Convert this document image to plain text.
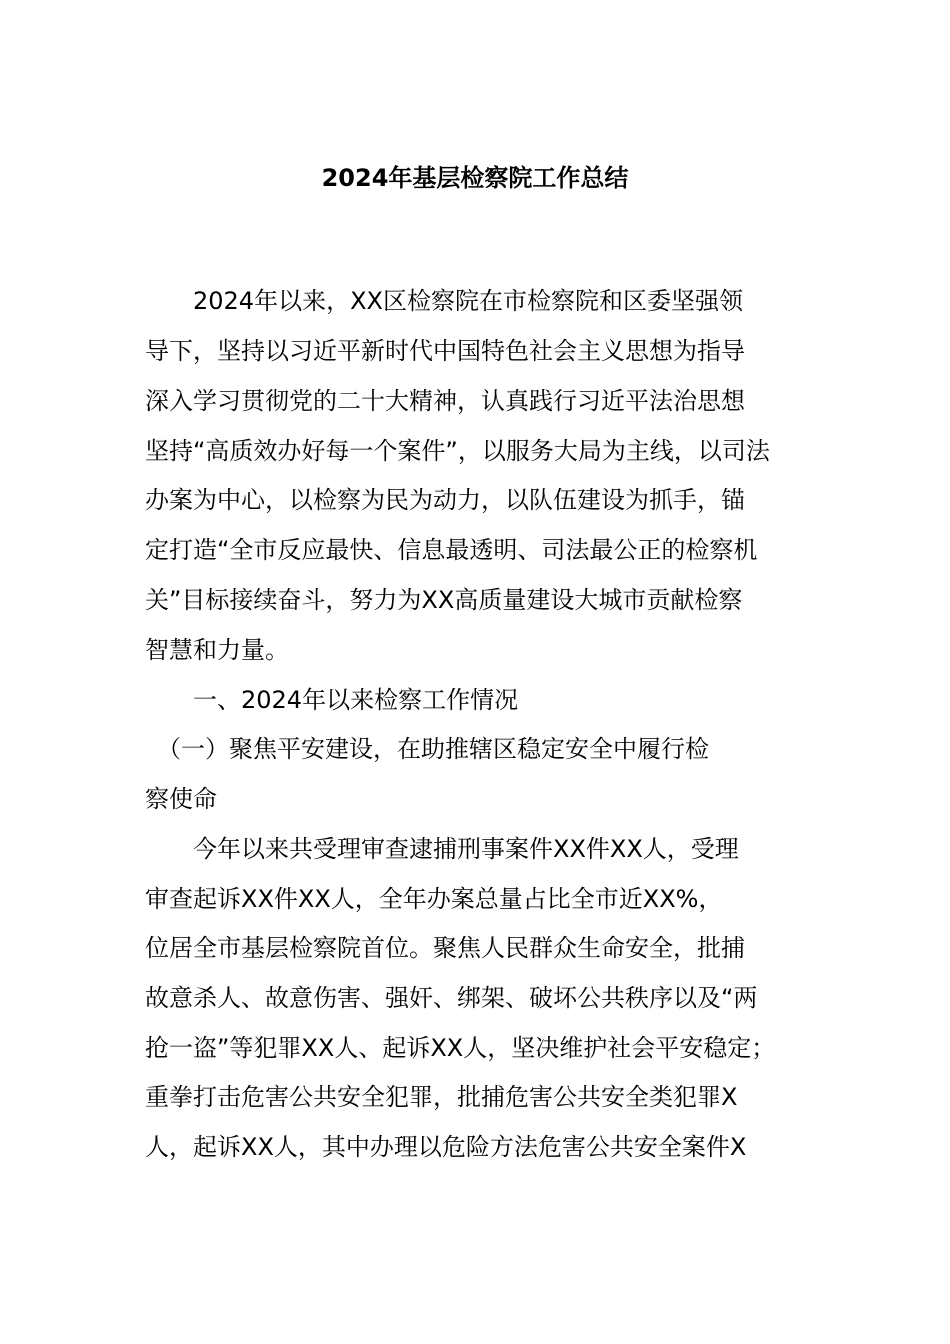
2024年基层检察院工作总结

　　2024年以来，XX区检察院在市检察院和区委坚强领

导下，坚持以习近平新时代中国特色社会主义思想为指导

深入学习贯彻党的二十大精神，认真践行习近平法治思想

坚持“高质效办好每一个案件”，以服务大局为主线，以司法

办案为中心，以检察为民为动力，以队伍建设为抓手，锚

定打造“全市反应最快、信息最透明、司法最公正的检察机

关”目标接续奋斗，努力为XX高质量建设大城市贡献检察

智慧和力量。

　　一、2024年以来检察工作情况

　（一）聚焦平安建设，在助推辖区稳定安全中履行检

察使命

　　今年以来共受理审查逮捕刑事案件XX件XX人，受理

审查起诉XX件XX人，全年办案总量占比全市近XX%，

位居全市基层检察院首位。聚焦人民群众生命安全，批捕

故意杀人、故意伤害、强奸、绑架、破坏公共秩序以及“两

抢一盗”等犯罪XX人、起诉XX人，坚决维护社会平安稳定；

重拳打击危害公共安全犯罪，批捕危害公共安全类犯罪X

人，起诉XX人，其中办理以危险方法危害公共安全案件X
